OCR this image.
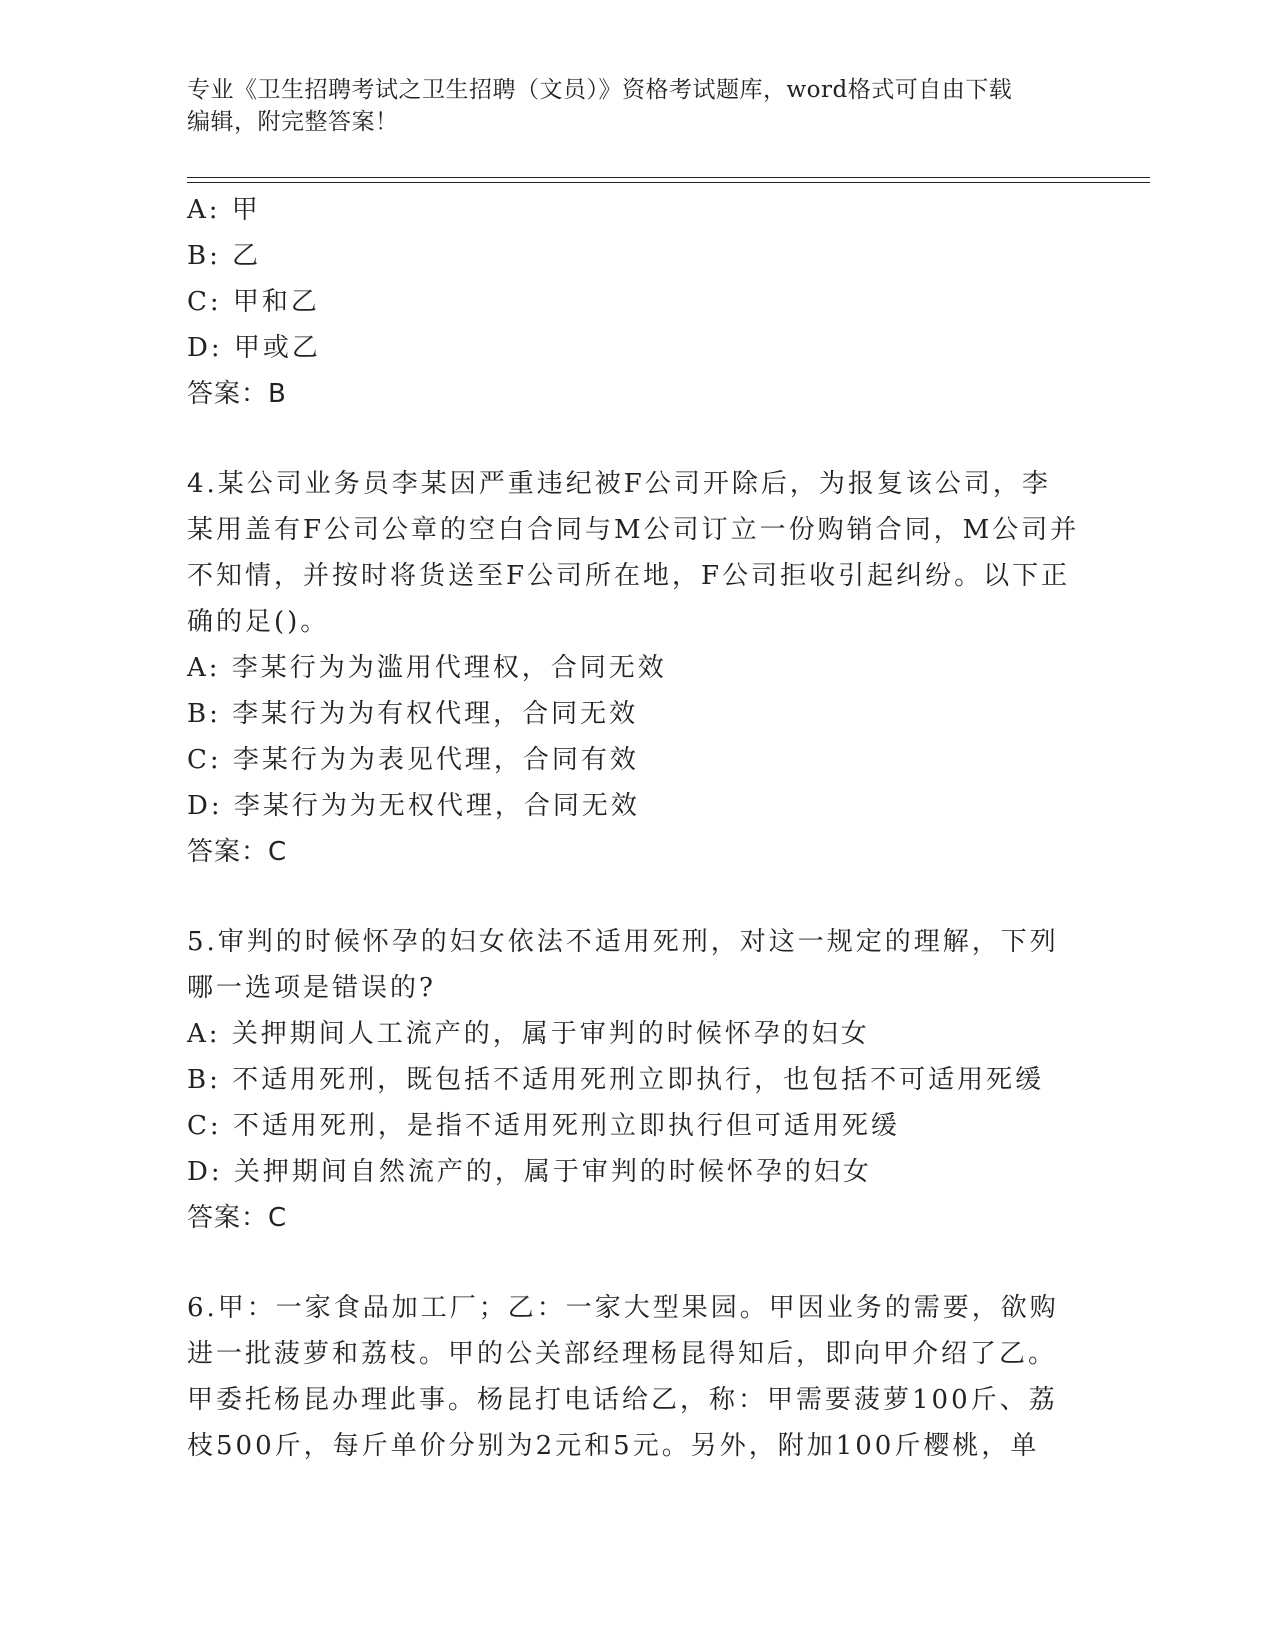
专业《卫生招聘考试之卫生招聘（文员）》资格考试题库，word格式可自由下载
编辑，附完整答案！
A: 甲
B: 乙
C: 甲和乙
D: 甲或乙
答案：B
4.某公司业务员李某因严重违纪被F公司开除后，为报复该公司，李
某用盖有F公司公章的空白合同与M公司订立一份购销合同，M公司并
不知情，并按时将货送至F公司所在地，F公司拒收引起纠纷。以下正
确的足()。
A: 李某行为为滥用代理权，合同无效
B: 李某行为为有权代理，合同无效
C: 李某行为为表见代理，合同有效
D: 李某行为为无权代理，合同无效
答案：C
5.审判的时候怀孕的妇女依法不适用死刑，对这一规定的理解，下列
哪一选项是错误的?
A: 关押期间人工流产的，属于审判的时候怀孕的妇女
B: 不适用死刑，既包括不适用死刑立即执行，也包括不可适用死缓
C: 不适用死刑，是指不适用死刑立即执行但可适用死缓
D: 关押期间自然流产的，属于审判的时候怀孕的妇女
答案：C
6.甲：一家食品加工厂；乙：一家大型果园。甲因业务的需要，欲购
进一批菠萝和荔枝。甲的公关部经理杨昆得知后，即向甲介绍了乙。
甲委托杨昆办理此事。杨昆打电话给乙，称：甲需要菠萝100斤、荔
枝500斤，每斤单价分别为2元和5元。另外，附加100斤樱桃，单
